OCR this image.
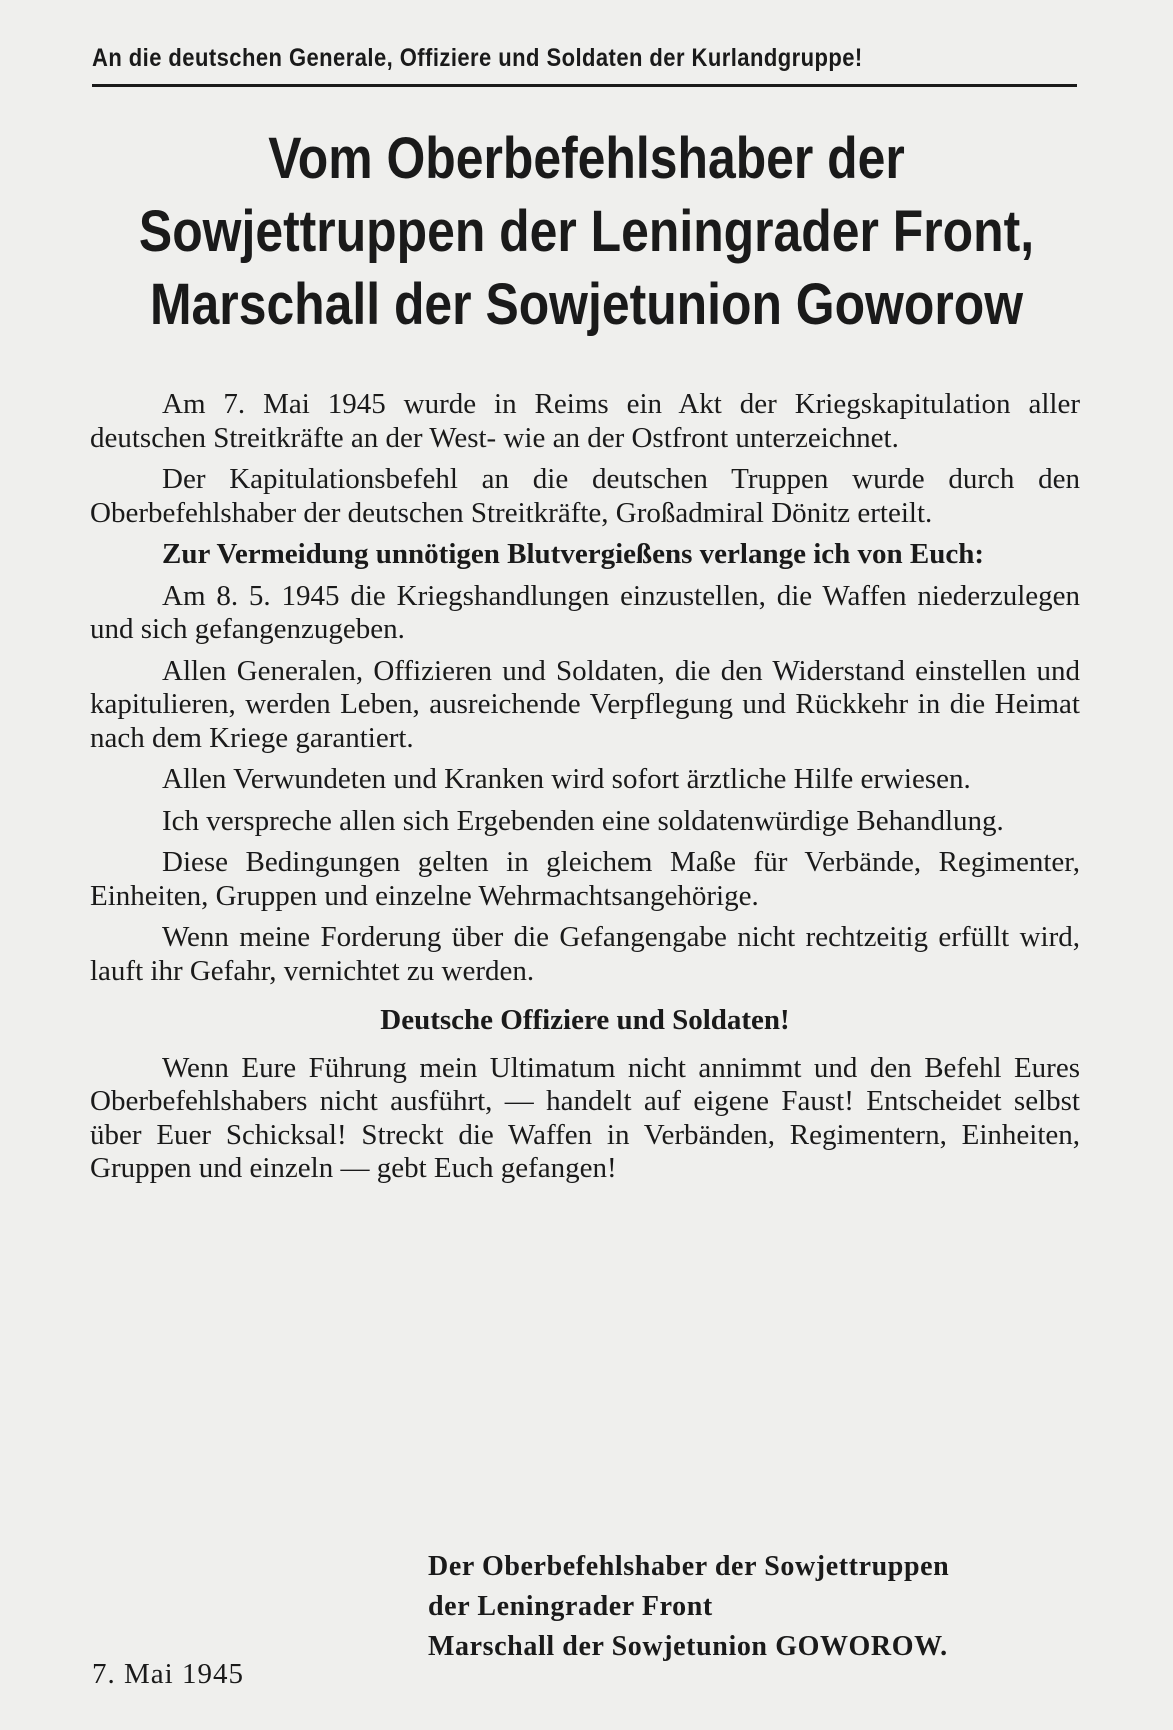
An die deutschen Generale, Offiziere und Soldaten der Kurlandgruppe!
Vom Oberbefehlshaber der
Sowjettruppen der Leningrader Front,
Marschall der Sowjetunion Goworow

Am 7. Mai 1945 wurde in Reims ein Akt der Kriegskapitulation aller deutschen Streitkräfte an der West- wie an der Ostfront unterzeichnet.

Der Kapitulationsbefehl an die deutschen Truppen wurde durch den Oberbefehlshaber der deutschen Streitkräfte, Großadmiral Dönitz erteilt.

Zur Vermeidung unnötigen Blutvergießens verlange ich von Euch:

Am 8. 5. 1945 die Kriegshandlungen einzustellen, die Waffen niederzulegen und sich gefangenzugeben.

Allen Generalen, Offizieren und Soldaten, die den Widerstand einstellen und kapitulieren, werden Leben, ausreichende Verpflegung und Rückkehr in die Heimat nach dem Kriege garantiert.

Allen Verwundeten und Kranken wird sofort ärztliche Hilfe erwiesen.

Ich verspreche allen sich Ergebenden eine soldatenwürdige Behandlung.

Diese Bedingungen gelten in gleichem Maße für Verbände, Regimenter, Einheiten, Gruppen und einzelne Wehrmachtsangehörige.

Wenn meine Forderung über die Gefangengabe nicht rechtzeitig erfüllt wird, lauft ihr Gefahr, vernichtet zu werden.

Deutsche Offiziere und Soldaten!

Wenn Eure Führung mein Ultimatum nicht annimmt und den Befehl Eures Oberbefehlshabers nicht ausführt, — handelt auf eigene Faust! Entscheidet selbst über Euer Schicksal! Streckt die Waffen in Verbänden, Regimentern, Einheiten, Gruppen und einzeln — gebt Euch gefangen!

Der Oberbefehlshaber der Sowjettruppen
der Leningrader Front
Marschall der Sowjetunion GOWOROW.
7. Mai 1945
